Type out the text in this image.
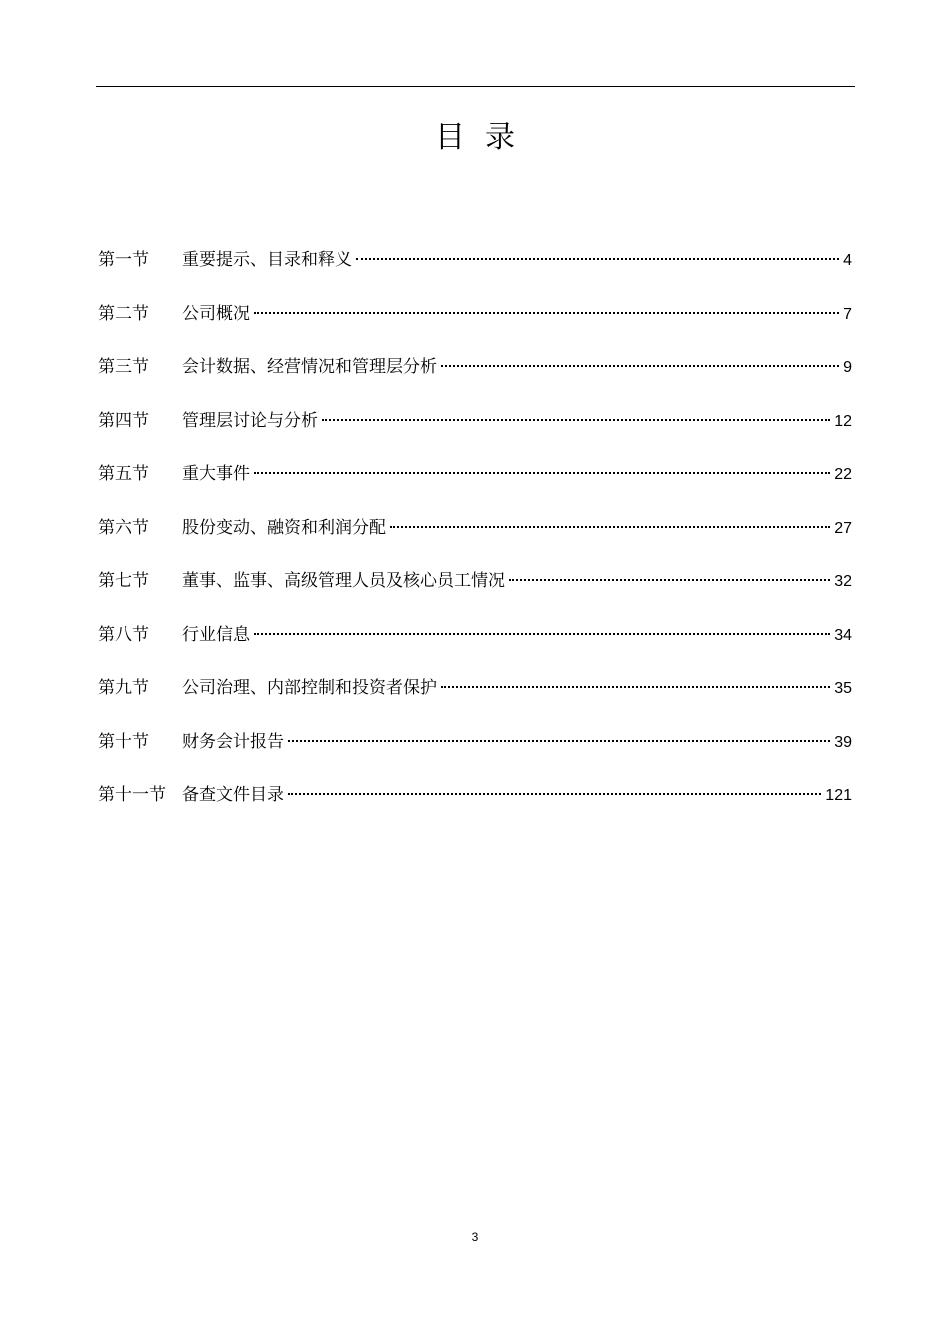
目录
第一节	重要提示、目录和释义	4
第二节	公司概况	7
第三节	会计数据、经营情况和管理层分析	9
第四节	管理层讨论与分析	12
第五节	重大事件	22
第六节	股份变动、融资和利润分配	27
第七节	董事、监事、高级管理人员及核心员工情况	32
第八节	行业信息	34
第九节	公司治理、内部控制和投资者保护	35
第十节	财务会计报告	39
第十一节 备查文件目录	121
3
